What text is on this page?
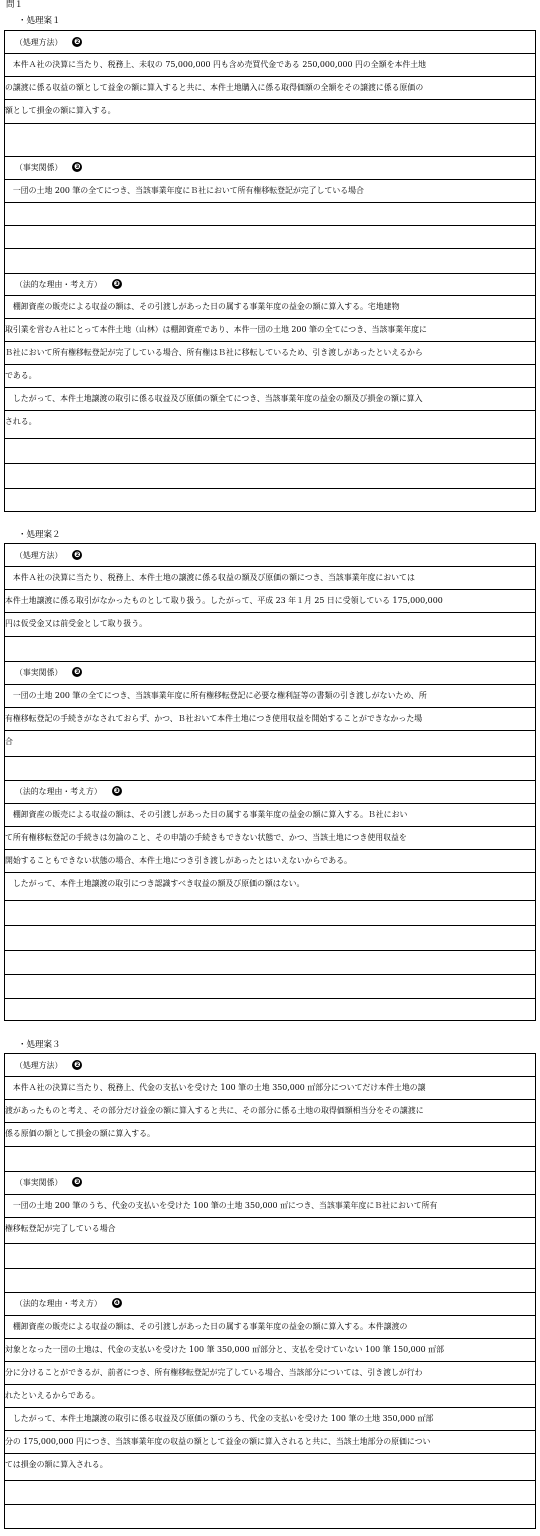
問１
・処理案１
（処理方法） ❷
　本件Ａ社の決算に当たり、税務上、未収の 75,000,000 円も含め売買代金である 250,000,000 円の全額を本件土地
の譲渡に係る収益の額として益金の額に算入すると共に、本件土地購入に係る取得価額の全額をその譲渡に係る原価の
額として損金の額に算入する。
（事実関係） ❸
　一団の土地 200 筆の全てにつき、当該事業年度にＢ社において所有権移転登記が完了している場合
（法的な理由・考え方） ❸
　棚卸資産の販売による収益の額は、その引渡しがあった日の属する事業年度の益金の額に算入する。宅地建物
取引業を営むＡ社にとって本件土地（山林）は棚卸資産であり、本件一団の土地 200 筆の全てにつき、当該事業年度に
Ｂ社において所有権移転登記が完了している場合、所有権はＢ社に移転しているため、引き渡しがあったといえるから
である。
　したがって、本件土地譲渡の取引に係る収益及び原価の額全てにつき、当該事業年度の益金の額及び損金の額に算入
される。
・処理案２
（処理方法） ❷
　本件Ａ社の決算に当たり、税務上、本件土地の譲渡に係る収益の額及び原価の額につき、当該事業年度においては
本件土地譲渡に係る取引がなかったものとして取り扱う。したがって、平成 23 年１月 25 日に受領している 175,000,000
円は仮受金又は前受金として取り扱う。
（事実関係） ❸
　一団の土地 200 筆の全てにつき、当該事業年度に所有権移転登記に必要な権利証等の書類の引き渡しがないため、所
有権移転登記の手続きがなされておらず、かつ、Ｂ社おいて本件土地につき使用収益を開始することができなかった場
合
（法的な理由・考え方） ❸
　棚卸資産の販売による収益の額は、その引渡しがあった日の属する事業年度の益金の額に算入する。Ｂ社におい
て所有権移転登記の手続きは勿論のこと、その申請の手続きもできない状態で、かつ、当該土地につき使用収益を
開始することもできない状態の場合、本件土地につき引き渡しがあったとはいえないからである。
　したがって、本件土地譲渡の取引につき認識すべき収益の額及び原価の額はない。
・処理案３
（処理方法） ❷
　本件Ａ社の決算に当たり、税務上、代金の支払いを受けた 100 筆の土地 350,000 ㎡部分についてだけ本件土地の譲
渡があったものと考え、その部分だけ益金の額に算入すると共に、その部分に係る土地の取得価額相当分をその譲渡に
係る原価の額として損金の額に算入する。
（事実関係） ❸
　一団の土地 200 筆のうち、代金の支払いを受けた 100 筆の土地 350,000 ㎡につき、当該事業年度にＢ社において所有
権移転登記が完了している場合
（法的な理由・考え方） ❹
　棚卸資産の販売による収益の額は、その引渡しがあった日の属する事業年度の益金の額に算入する。本件譲渡の
対象となった一団の土地は、代金の支払いを受けた 100 筆 350,000 ㎡部分と、支払を受けていない 100 筆 150,000 ㎡部
分に分けることができるが、前者につき、所有権移転登記が完了している場合、当該部分については、引き渡しが行わ
れたといえるからである。
　したがって、本件土地譲渡の取引に係る収益及び原価の額のうち、代金の支払いを受けた 100 筆の土地 350,000 ㎡部
分の 175,000,000 円につき、当該事業年度の収益の額として益金の額に算入されると共に、当該土地部分の原価につい
ては損金の額に算入される。
